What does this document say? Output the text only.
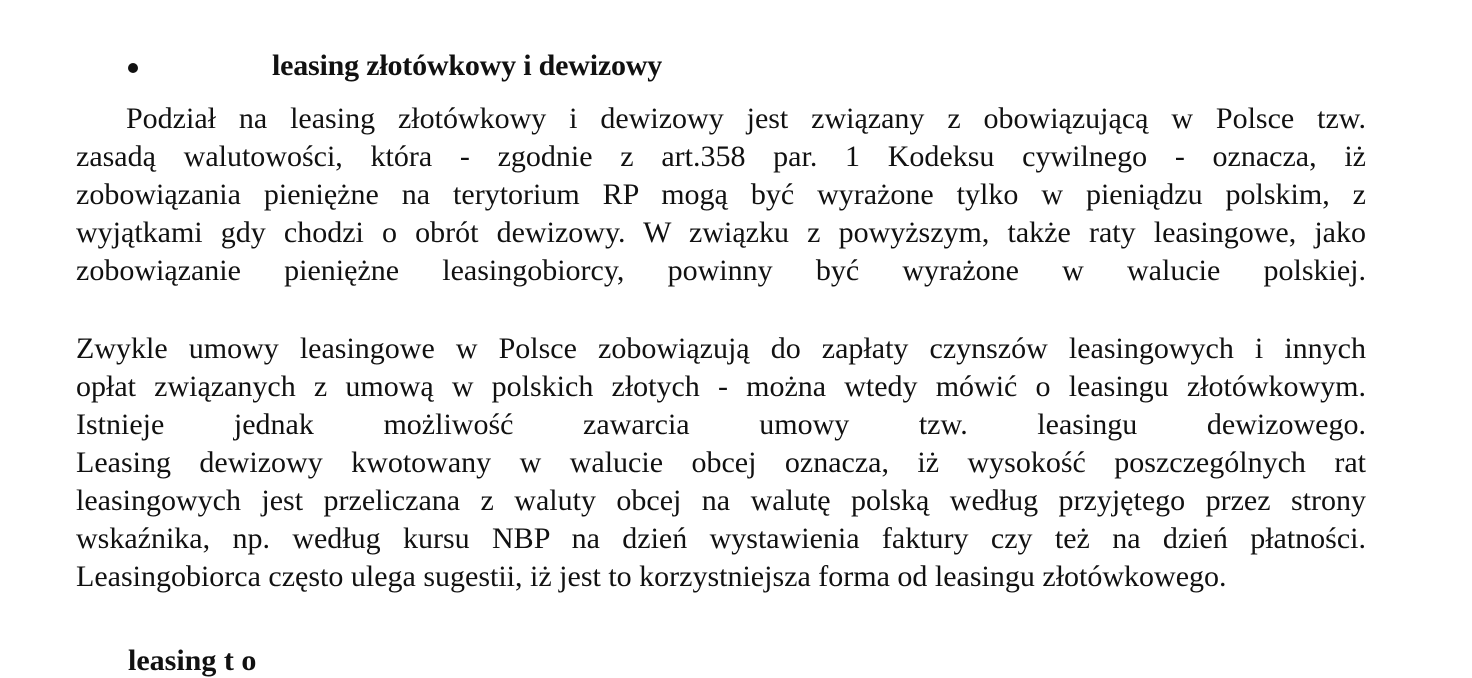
leasing złotówkowy i dewizowy
Podział na leasing złotówkowy i dewizowy jest związany z obowiązującą w Polsce tzw.
zasadą walutowości, która - zgodnie z art.358 par. 1 Kodeksu cywilnego - oznacza, iż
zobowiązania pieniężne na terytorium RP mogą być wyrażone tylko w pieniądzu polskim, z
wyjątkami gdy chodzi o obrót dewizowy. W związku z powyższym, także raty leasingowe, jako
zobowiązanie pieniężne leasingobiorcy, powinny być wyrażone w walucie polskiej.
Zwykle umowy leasingowe w Polsce zobowiązują do zapłaty czynszów leasingowych i innych
opłat związanych z umową w polskich złotych - można wtedy mówić o leasingu złotówkowym.
Istnieje jednak możliwość zawarcia umowy tzw. leasingu dewizowego.
Leasing dewizowy kwotowany w walucie obcej oznacza, iż wysokość poszczególnych rat
leasingowych jest przeliczana z waluty obcej na walutę polską według przyjętego przez strony
wskaźnika, np. według kursu NBP na dzień wystawienia faktury czy też na dzień płatności.
Leasingobiorca często ulega sugestii, iż jest to korzystniejsza forma od leasingu złotówkowego.
leasing t o
